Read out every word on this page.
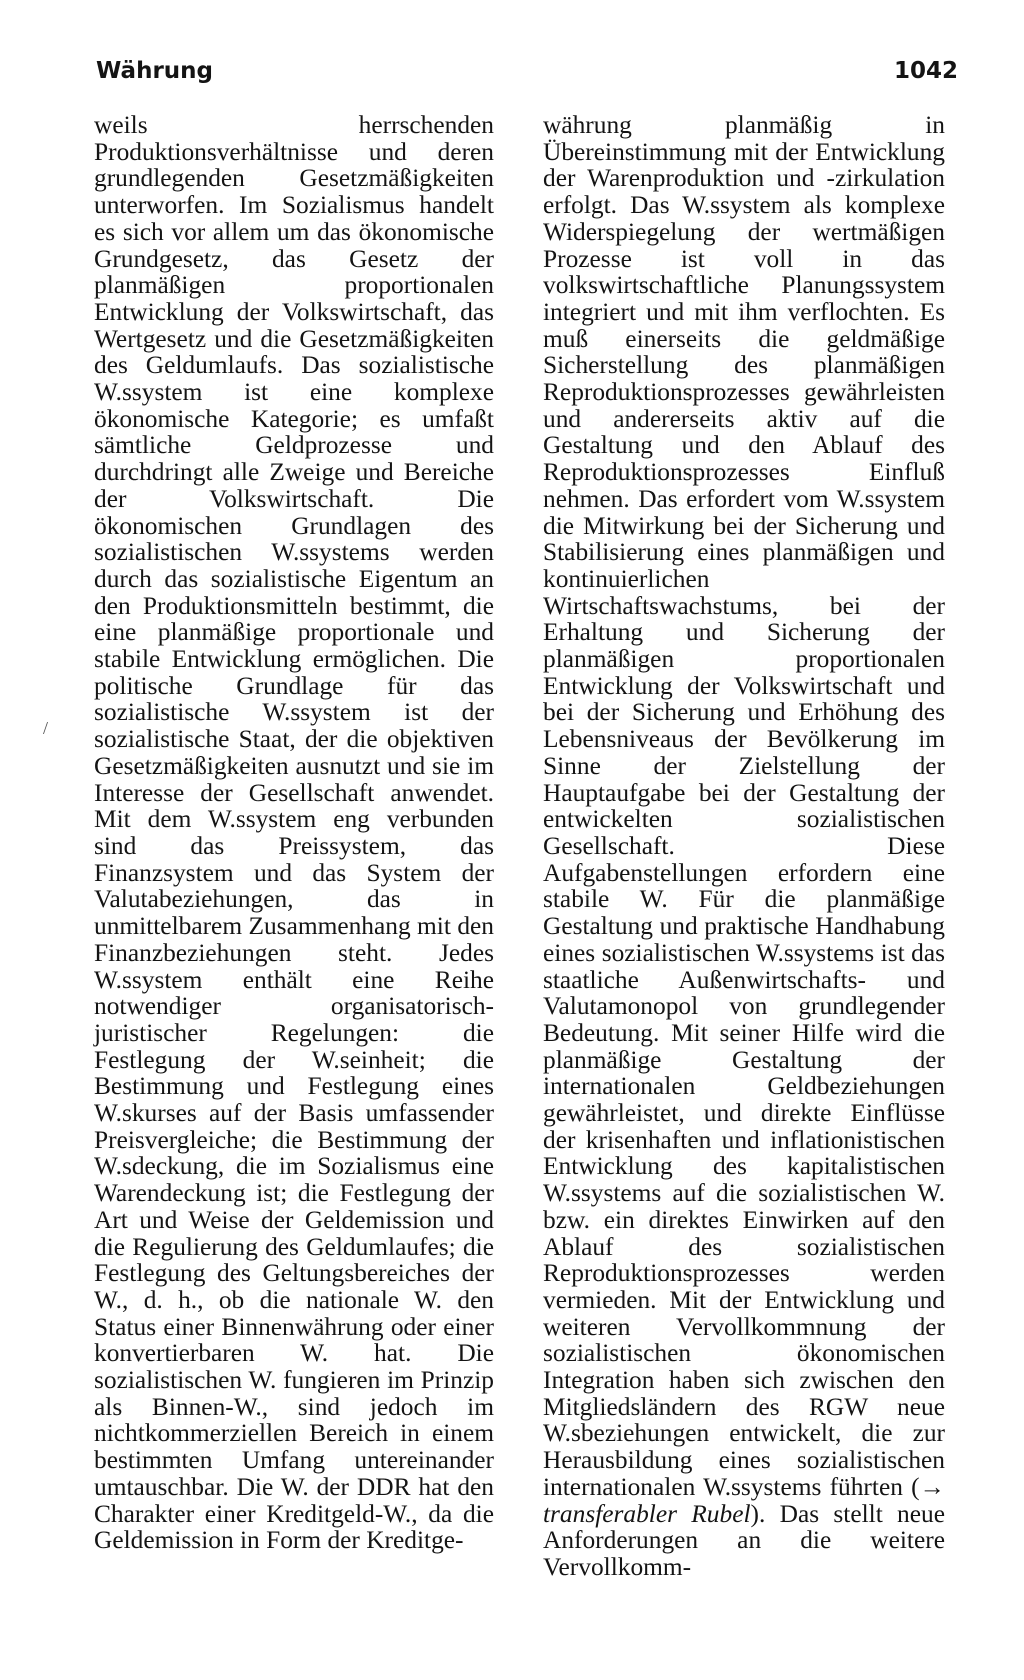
Währung	1042
/

weils herrschenden Produktionsverhältnisse und deren grundlegenden Gesetzmäßigkeiten unterworfen. Im Sozialismus handelt es sich vor allem um das ökonomische Grundgesetz, das Gesetz der planmäßigen proportionalen Entwicklung der Volkswirtschaft, das Wertgesetz und die Gesetzmäßigkeiten des Geldumlaufs. Das sozialistische W.ssystem ist eine komplexe ökonomische Kategorie; es umfaßt sämtliche Geldprozesse und durchdringt alle Zweige und Bereiche der Volkswirtschaft. Die ökonomischen Grundlagen des sozialistischen W.ssystems werden durch das sozialistische Eigentum an den Produktionsmitteln bestimmt, die eine planmäßige proportionale und stabile Entwicklung ermöglichen. Die politische Grundlage für das sozialistische W.ssystem ist der sozialistische Staat, der die objektiven Gesetzmäßigkeiten ausnutzt und sie im Interesse der Gesellschaft anwendet. Mit dem W.ssystem eng verbunden sind das Preissystem, das Finanzsystem und das System der Valutabeziehungen, das in unmittelbarem Zusammenhang mit den Finanzbeziehungen steht. Jedes W.ssystem enthält eine Reihe notwendiger organisatorisch-juristischer Regelungen: die Festlegung der W.seinheit; die Bestimmung und Festlegung eines W.skurses auf der Basis umfassender Preisvergleiche; die Bestimmung der W.sdeckung, die im Sozialismus eine Warendeckung ist; die Festlegung der Art und Weise der Geldemission und die Regulierung des Geldumlaufes; die Festlegung des Geltungsbereiches der W., d. h., ob die nationale W. den Status einer Binnenwährung oder einer konvertierbaren W. hat. Die sozialistischen W. fungieren im Prinzip als Binnen-W., sind jedoch im nichtkommerziellen Bereich in einem bestimmten Umfang untereinander umtauschbar. Die W. der DDR hat den Charakter einer Kreditgeld-W., da die Geldemission in Form der Kreditge-

währung planmäßig in Übereinstimmung mit der Entwicklung der Warenproduktion und -zirkulation erfolgt. Das W.ssystem als komplexe Widerspiegelung der wertmäßigen Prozesse ist voll in das volkswirtschaftliche Planungssystem integriert und mit ihm verflochten. Es muß einerseits die geldmäßige Sicherstellung des planmäßigen Reproduktionsprozesses gewährleisten und andererseits aktiv auf die Gestaltung und den Ablauf des Reproduktionsprozesses Einfluß nehmen. Das erfordert vom W.ssystem die Mitwirkung bei der Sicherung und Stabilisierung eines planmäßigen und kontinuierlichen Wirtschaftswachstums, bei der Erhaltung und Sicherung der planmäßigen proportionalen Entwicklung der Volkswirtschaft und bei der Sicherung und Erhöhung des Lebensniveaus der Bevölkerung im Sinne der Zielstellung der Hauptaufgabe bei der Gestaltung der entwickelten sozialistischen Gesellschaft. Diese Aufgabenstellungen erfordern eine stabile W. Für die planmäßige Gestaltung und praktische Handhabung eines sozialistischen W.ssystems ist das staatliche Außenwirtschafts- und Valutamonopol von grundlegender Bedeutung. Mit seiner Hilfe wird die planmäßige Gestaltung der internationalen Geldbeziehungen gewährleistet, und direkte Einflüsse der krisenhaften und inflationistischen Entwicklung des kapitalistischen W.ssystems auf die sozialistischen W. bzw. ein direktes Einwirken auf den Ablauf des sozialistischen Reproduktionsprozesses werden vermieden. Mit der Entwicklung und weiteren Vervollkommnung der sozialistischen ökonomischen Integration haben sich zwischen den Mitgliedsländern des RGW neue W.sbeziehungen entwickelt, die zur Herausbildung eines sozialistischen internationalen W.ssystems führten (→ transferabler Rubel). Das stellt neue Anforderungen an die weitere Vervollkomm-
